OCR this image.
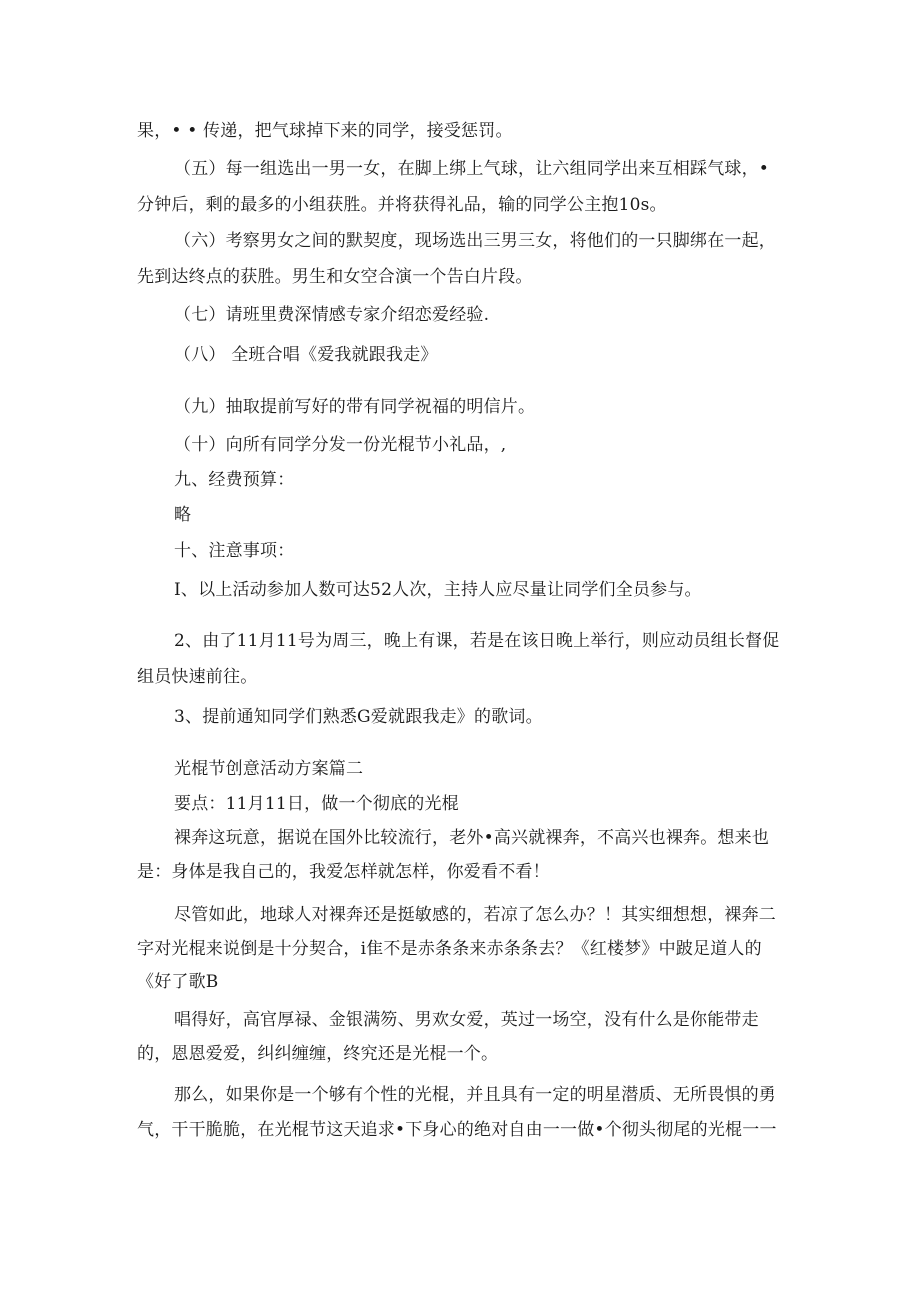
果，• • 传递，把气球掉下来的同学，接受惩罚。

（五）每一组选出一男一女，在脚上绑上气球，让六组同学出来互相踩气球，•

分钟后，剩的最多的小组获胜。并将获得礼品，输的同学公主抱10s。

（六）考察男女之间的默契度，现场选出三男三女，将他们的一只脚绑在一起，

先到达终点的获胜。男生和女空合演一个告白片段。

（七）请班里费深情感专家介绍恋爱经验.

（八） 全班合唱《爱我就跟我走》

（九）抽取提前写好的带有同学祝福的明信片。

（十）向所有同学分发一份光棍节小礼品，,

九、经费预算：

略

十、注意事项：

I、以上活动参加人数可达52人次，主持人应尽量让同学们全员参与。

2、由了11月11号为周三，晚上有课，若是在该日晚上举行，则应动员组长督促

组员快速前往。

3、提前通知同学们熟悉G爱就跟我走》的歌词。

光棍节创意活动方案篇二

要点：11月11日，做一个彻底的光棍

裸奔这玩意，据说在国外比较流行，老外•高兴就裸奔，不高兴也裸奔。想来也

是：身体是我自己的，我爱怎样就怎样，你爱看不看！

尽管如此，地球人对裸奔还是挺敏感的，若凉了怎么办？！其实细想想，裸奔二

字对光棍来说倒是十分契合，i隹不是赤条条来赤条条去？《红楼梦》中跛足道人的

《好了歌B

唱得好，高官厚禄、金银满笏、男欢女爱，英过一场空，没有什么是你能带走

的，恩恩爱爱，纠纠缠缠，终究还是光棍一个。

那么，如果你是一个够有个性的光棍，并且具有一定的明星潜质、无所畏惧的勇

气，干干脆脆，在光棍节这天追求•下身心的绝对自由一一做•个彻头彻尾的光棍一一
